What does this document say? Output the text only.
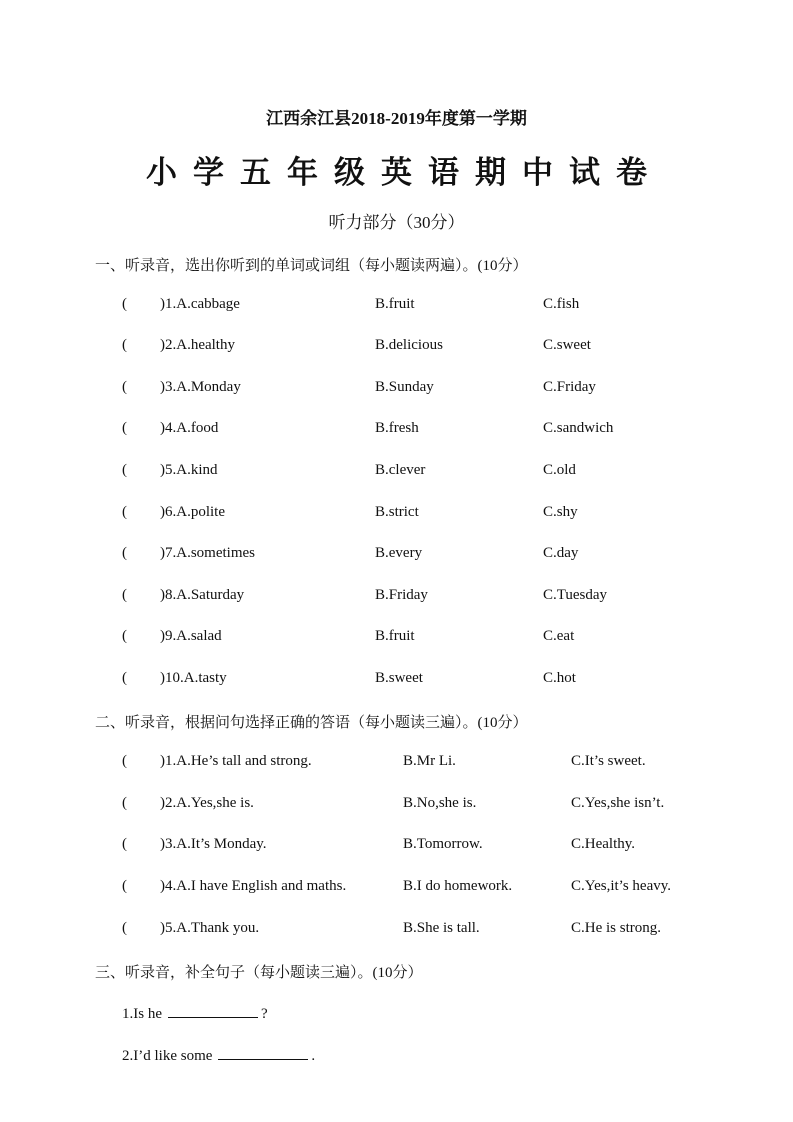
江西余江县2018-2019年度第一学期
小学五年级英语期中试卷
听力部分（30分）
一、听录音，选出你听到的单词或词组（每小题读两遍）。(10分）
( )1.A.cabbage	B.fruit	C.fish
( )2.A.healthy	B.delicious	C.sweet
( )3.A.Monday	B.Sunday	C.Friday
( )4.A.food	B.fresh	C.sandwich
( )5.A.kind	B.clever	C.old
( )6.A.polite	B.strict	C.shy
( )7.A.sometimes	B.every	C.day
( )8.A.Saturday	B.Friday	C.Tuesday
( )9.A.salad	B.fruit	C.eat
( )10.A.tasty	B.sweet	C.hot
二、听录音，根据问句选择正确的答语（每小题读三遍）。(10分）
( )1.A.He’s tall and strong.	B.Mr Li.	C.It’s sweet.
( )2.A.Yes,she is.	B.No,she is.	C.Yes,she isn’t.
( )3.A.It’s Monday.	B.Tomorrow.	C.Healthy.
( )4.A.I have English and maths.	B.I do homework.	C.Yes,it’s heavy.
( )5.A.Thank you.	B.She is tall.	C.He is strong.
三、听录音，补全句子（每小题读三遍）。(10分）
1.Is he	?
2.I’d like some	.
